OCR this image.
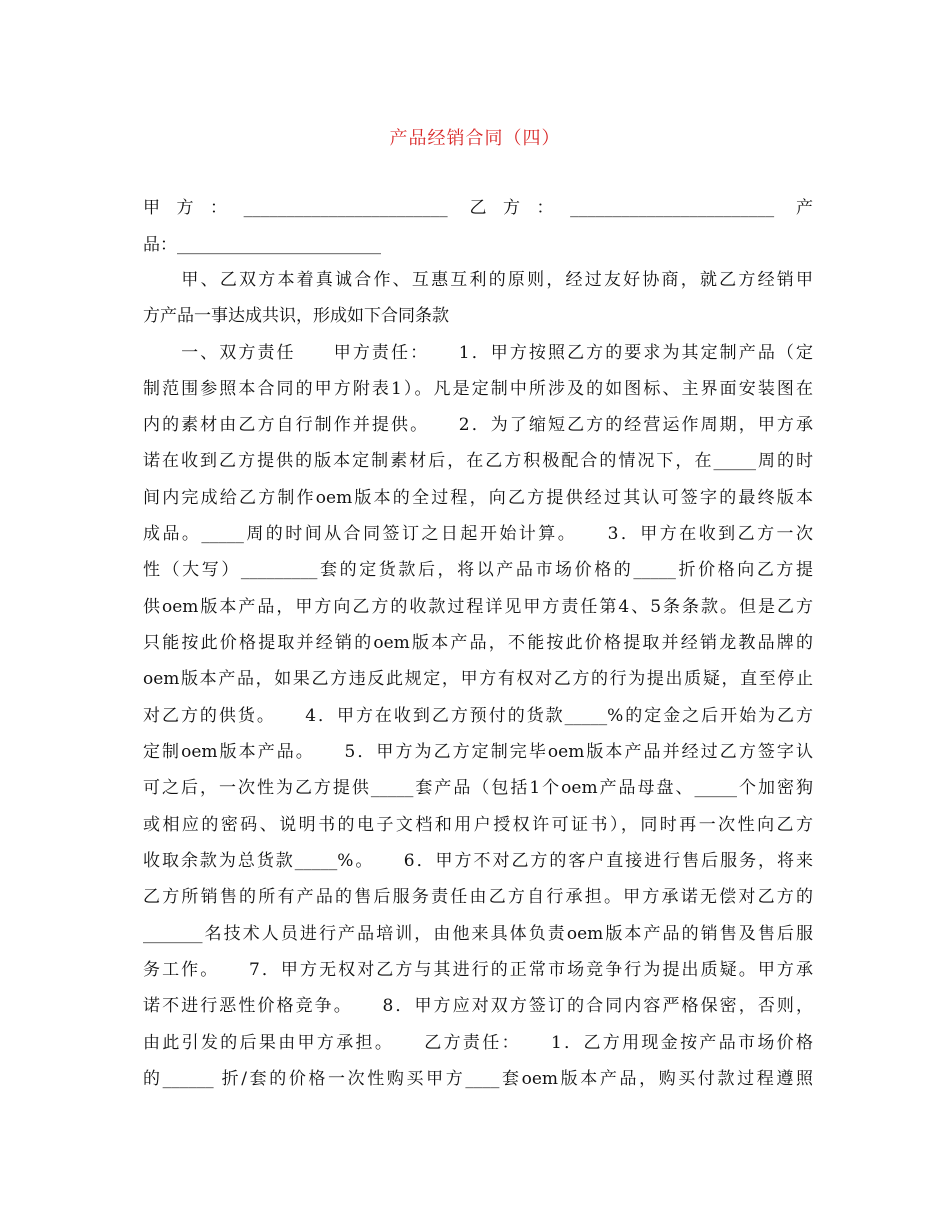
产品经销合同（四）
甲方：________________________ 乙方：________________________ 产
品：________________________
　　甲、乙双方本着真诚合作、互惠互利的原则，经过友好协商，就乙方经销甲
方产品一事达成共识，形成如下合同条款
　　一、双方责任　　甲方责任：　　1．甲方按照乙方的要求为其定制产品（定
制范围参照本合同的甲方附表1）。凡是定制中所涉及的如图标、主界面安装图在
内的素材由乙方自行制作并提供。　　2．为了缩短乙方的经营运作周期，甲方承
诺在收到乙方提供的版本定制素材后，在乙方积极配合的情况下，在_____周的时
间内完成给乙方制作oem版本的全过程，向乙方提供经过其认可签字的最终版本
成品。_____周的时间从合同签订之日起开始计算。　　3．甲方在收到乙方一次
性（大写）_________套的定货款后，将以产品市场价格的_____折价格向乙方提
供oem版本产品，甲方向乙方的收款过程详见甲方责任第4、5条条款。但是乙方
只能按此价格提取并经销的oem版本产品，不能按此价格提取并经销龙教品牌的
oem版本产品，如果乙方违反此规定，甲方有权对乙方的行为提出质疑，直至停止
对乙方的供货。　　4．甲方在收到乙方预付的货款_____%的定金之后开始为乙方
定制oem版本产品。　　5．甲方为乙方定制完毕oem版本产品并经过乙方签字认
可之后，一次性为乙方提供_____套产品（包括1个oem产品母盘、_____个加密狗
或相应的密码、说明书的电子文档和用户授权许可证书），同时再一次性向乙方
收取余款为总货款_____%。　　6．甲方不对乙方的客户直接进行售后服务，将来
乙方所销售的所有产品的售后服务责任由乙方自行承担。甲方承诺无偿对乙方的
_______名技术人员进行产品培训，由他来具体负责oem版本产品的销售及售后服
务工作。　　7．甲方无权对乙方与其进行的正常市场竞争行为提出质疑。甲方承
诺不进行恶性价格竞争。　　8．甲方应对双方签订的合同内容严格保密，否则，
由此引发的后果由甲方承担。　　乙方责任：　　1．乙方用现金按产品市场价格
的______ 折/套的价格一次性购买甲方____套oem版本产品，购买付款过程遵照
